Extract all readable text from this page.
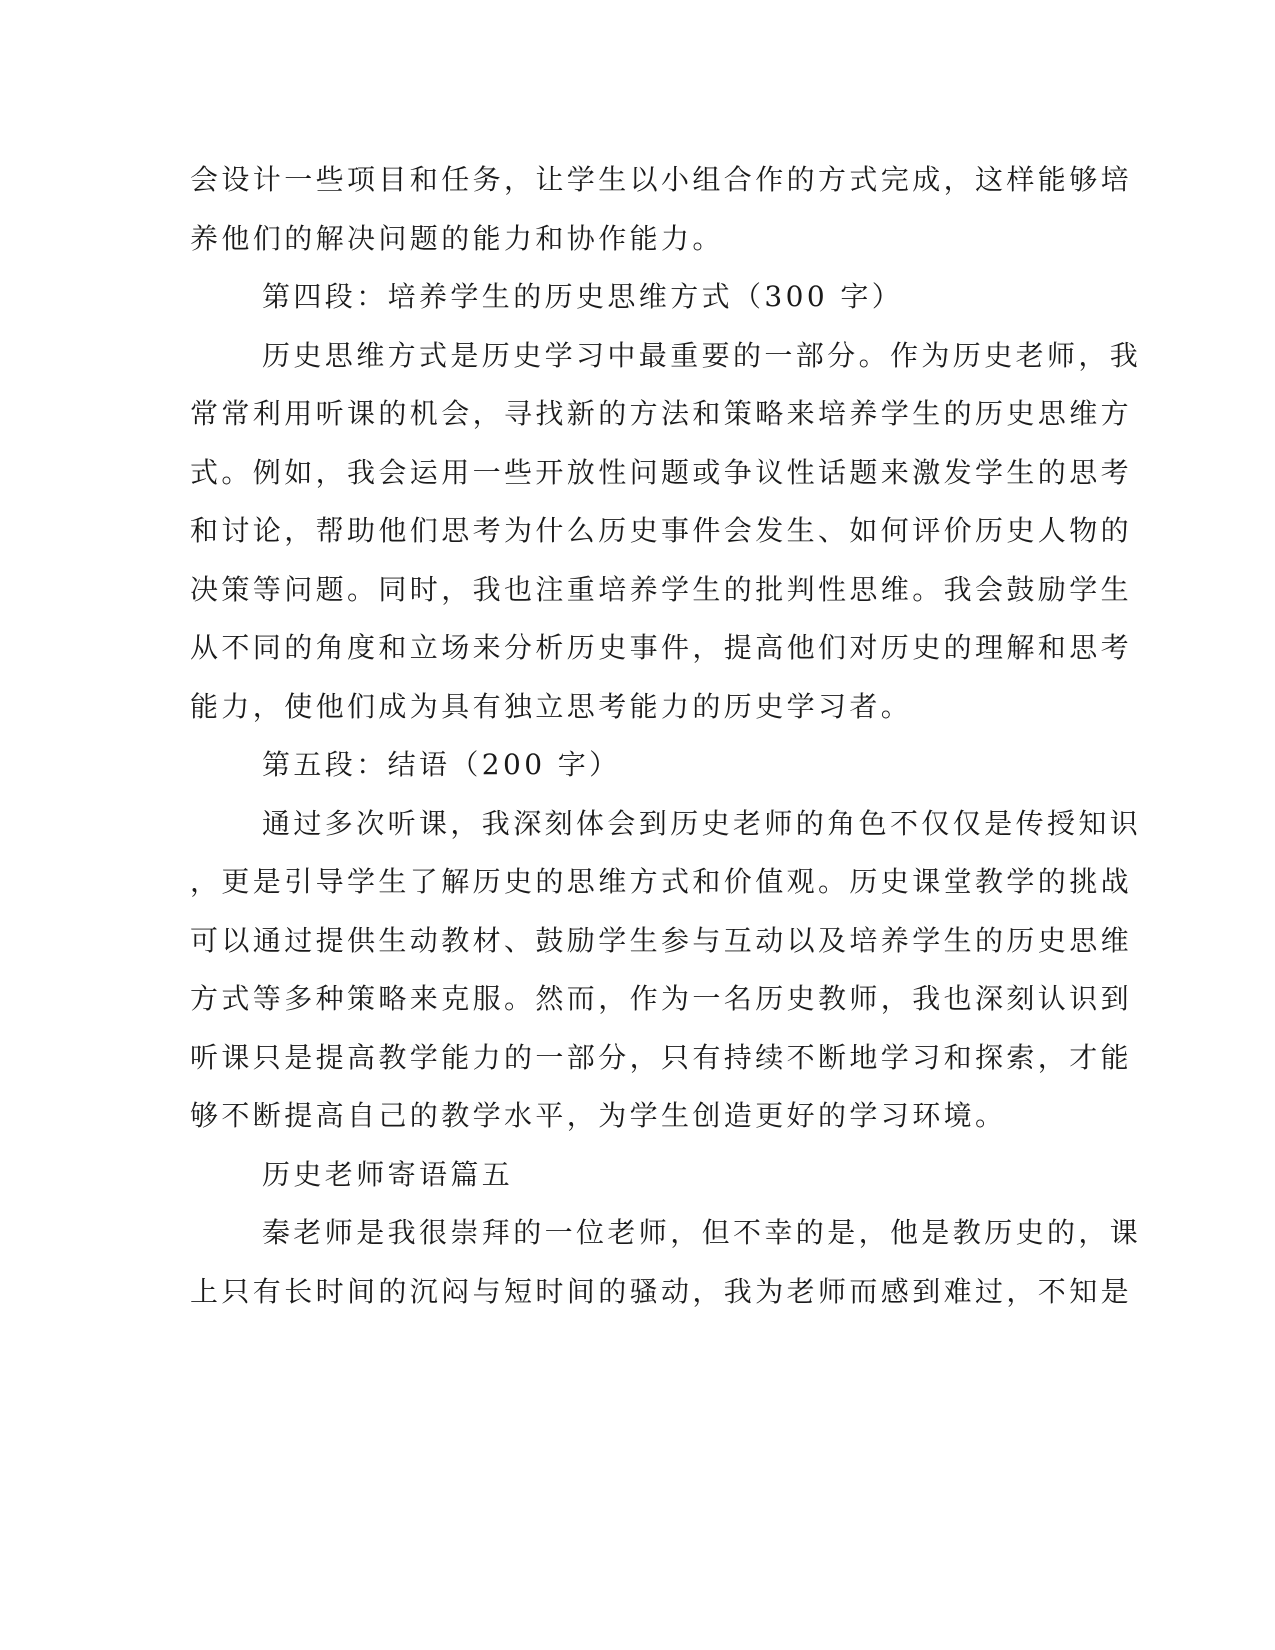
会设计一些项目和任务，让学生以小组合作的方式完成，这样能够培

养他们的解决问题的能力和协作能力。

第四段：培养学生的历史思维方式（300 字）

历史思维方式是历史学习中最重要的一部分。作为历史老师，我

常常利用听课的机会，寻找新的方法和策略来培养学生的历史思维方

式。例如，我会运用一些开放性问题或争议性话题来激发学生的思考

和讨论，帮助他们思考为什么历史事件会发生、如何评价历史人物的

决策等问题。同时，我也注重培养学生的批判性思维。我会鼓励学生

从不同的角度和立场来分析历史事件，提高他们对历史的理解和思考

能力，使他们成为具有独立思考能力的历史学习者。

第五段：结语（200 字）

通过多次听课，我深刻体会到历史老师的角色不仅仅是传授知识

，更是引导学生了解历史的思维方式和价值观。历史课堂教学的挑战

可以通过提供生动教材、鼓励学生参与互动以及培养学生的历史思维

方式等多种策略来克服。然而，作为一名历史教师，我也深刻认识到

听课只是提高教学能力的一部分，只有持续不断地学习和探索，才能

够不断提高自己的教学水平，为学生创造更好的学习环境。

历史老师寄语篇五

秦老师是我很崇拜的一位老师，但不幸的是，他是教历史的，课

上只有长时间的沉闷与短时间的骚动，我为老师而感到难过，不知是
